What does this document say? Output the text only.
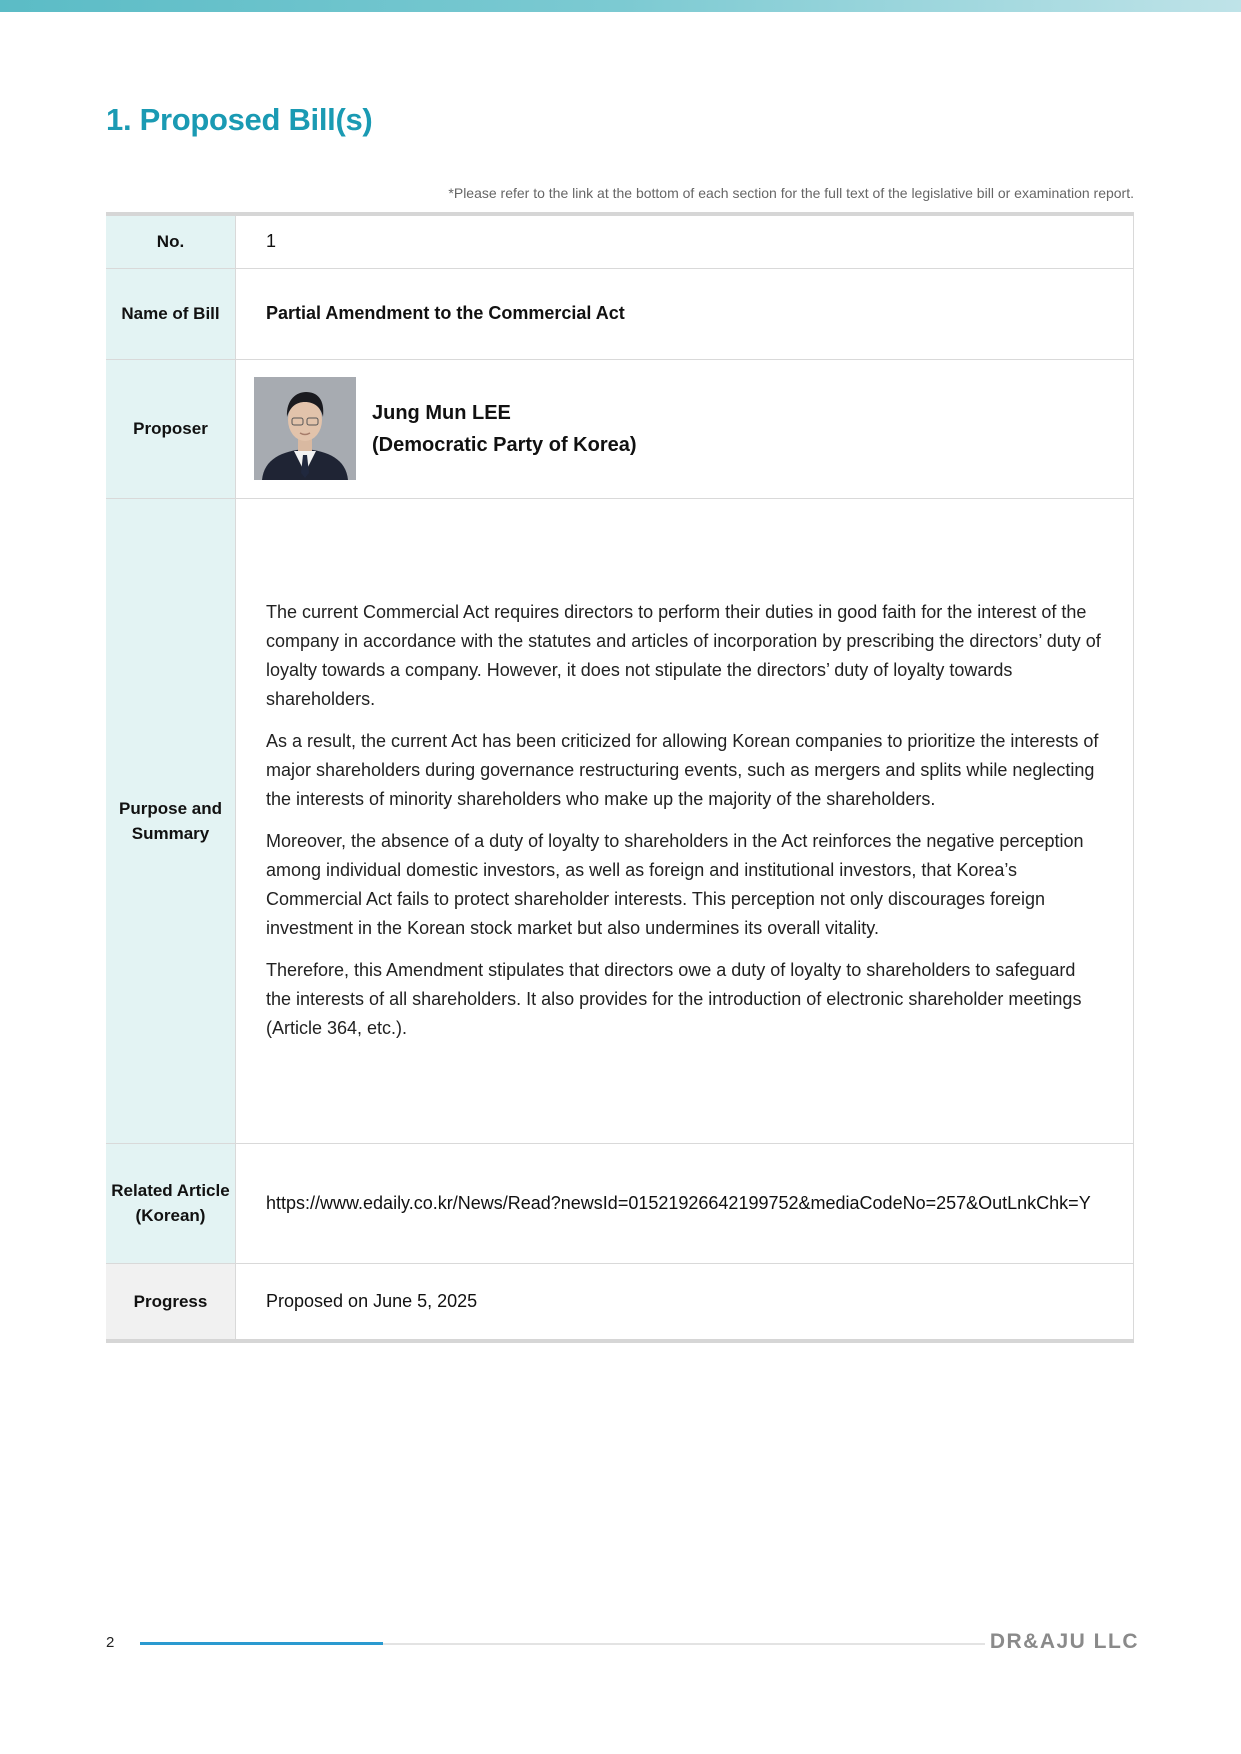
1. Proposed Bill(s)
*Please refer to the link at the bottom of each section for the full text of the legislative bill or examination report.
No.	1
Name of Bill	Partial Amendment to the Commercial Act
Proposer	Jung Mun LEE
(Democratic Party of Korea)

Purpose and Summary	The current Commercial Act requires directors to perform their duties in good faith for the interest of the company in accordance with the statutes and articles of incorporation by prescribing the directors’ duty of loyalty towards a company. However, it does not stipulate the directors’ duty of loyalty towards shareholders.

As a result, the current Act has been criticized for allowing Korean companies to prioritize the interests of major shareholders during governance restructuring events, such as mergers and splits while neglecting the interests of minority shareholders who make up the majority of the shareholders.

Moreover, the absence of a duty of loyalty to shareholders in the Act reinforces the negative perception among individual domestic investors, as well as foreign and institutional investors, that Korea’s Commercial Act fails to protect shareholder interests. This perception not only discourages foreign investment in the Korean stock market but also undermines its overall vitality.

Therefore, this Amendment stipulates that directors owe a duty of loyalty to shareholders to safeguard the interests of all shareholders. It also provides for the introduction of electronic shareholder meetings (Article 364, etc.).

Related Article (Korean)	https://www.edaily.co.kr/News/Read?newsId=01521926642199752&mediaCodeNo=257&OutLnkChk=Y

Progress	Proposed on June 5, 2025
2	DR&AJU LLC
